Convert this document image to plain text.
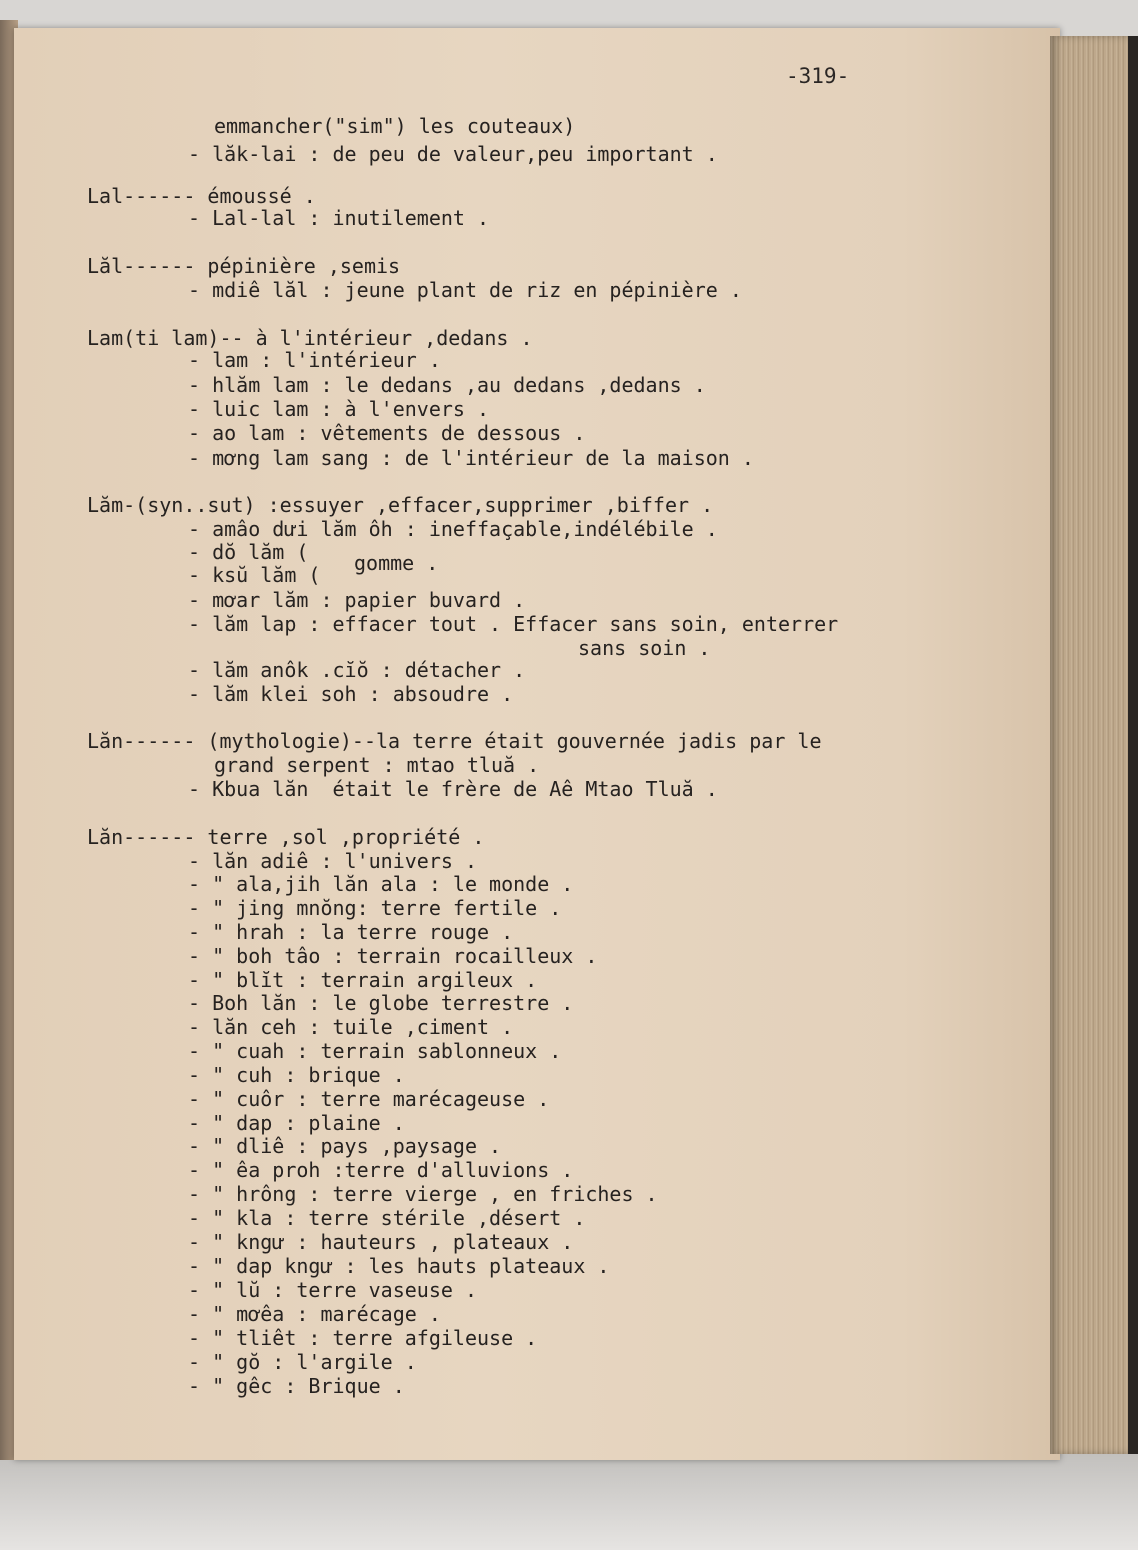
-319-

emmancher("sim") les couteaux)

- lăk-lai : de peu de valeur,peu important .

Lal------ émoussé .

- Lal-lal : inutilement .

Lăl------ pépinière ,semis

- mdiê lăl : jeune plant de riz en pépinière .

Lam(ti lam)-- à l'intérieur ,dedans .

- lam : l'intérieur .

- hlăm lam : le dedans ,au dedans ,dedans .

- luic lam : à l'envers .

- ao lam : vêtements de dessous .

- mơng lam sang : de l'intérieur de la maison .

Lăm-(syn..sut) :essuyer ,effacer,supprimer ,biffer .

- amâo dưi lăm ôh : ineffaçable,indélébile .

- dŏ lăm (

gomme .

- ksŭ lăm (

- mơar lăm : papier buvard .

- lăm lap : effacer tout . Effacer sans soin, enterrer

sans soin .

- lăm anôk .cĭŏ : détacher .

- lăm klei soh : absoudre .

Lăn------ (mythologie)--la terre était gouvernée jadis par le

grand serpent : mtao tluă .

- Kbua lăn  était le frère de Aê Mtao Tluă .

Lăn------ terre ,sol ,propriété .

- lăn adiê : l'univers .

- " ala,jih lăn ala : le monde .

- " jing mnŏng: terre fertile .

- " hrah : la terre rouge .

- " boh tâo : terrain rocailleux .

- " blĭt : terrain argileux .

- Boh lăn : le globe terrestre .

- lăn ceh : tuile ,ciment .

- " cuah : terrain sablonneux .

- " cuh : brique .

- " cuôr : terre marécageuse .

- " dap : plaine .

- " dliê : pays ,paysage .

- " êa proh :terre d'alluvions .

- " hrông : terre vierge , en friches .

- " kla : terre stérile ,désert .

- " kngư : hauteurs , plateaux .

- " dap kngư : les hauts plateaux .

- " lŭ : terre vaseuse .

- " mơêa : marécage .

- " tliêt : terre afgileuse .

- " gŏ : l'argile .

- " gêc : Brique .
